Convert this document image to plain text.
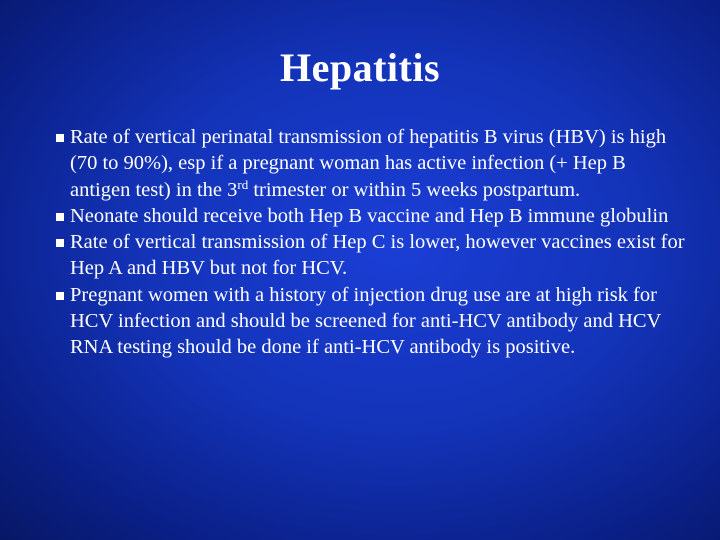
Hepatitis
Rate of vertical perinatal transmission of hepatitis B virus (HBV) is high (70 to 90%), esp if a pregnant woman has active infection (+ Hep B antigen test) in the 3rd trimester or within 5 weeks postpartum.
Neonate should receive both Hep B vaccine and Hep B immune globulin
Rate of vertical transmission of Hep C is lower, however vaccines exist for Hep A and HBV but not for HCV.
Pregnant women with a history of injection drug use are at high risk for HCV infection and should be screened for anti-HCV antibody and HCV RNA testing should be done if anti-HCV antibody is positive.
